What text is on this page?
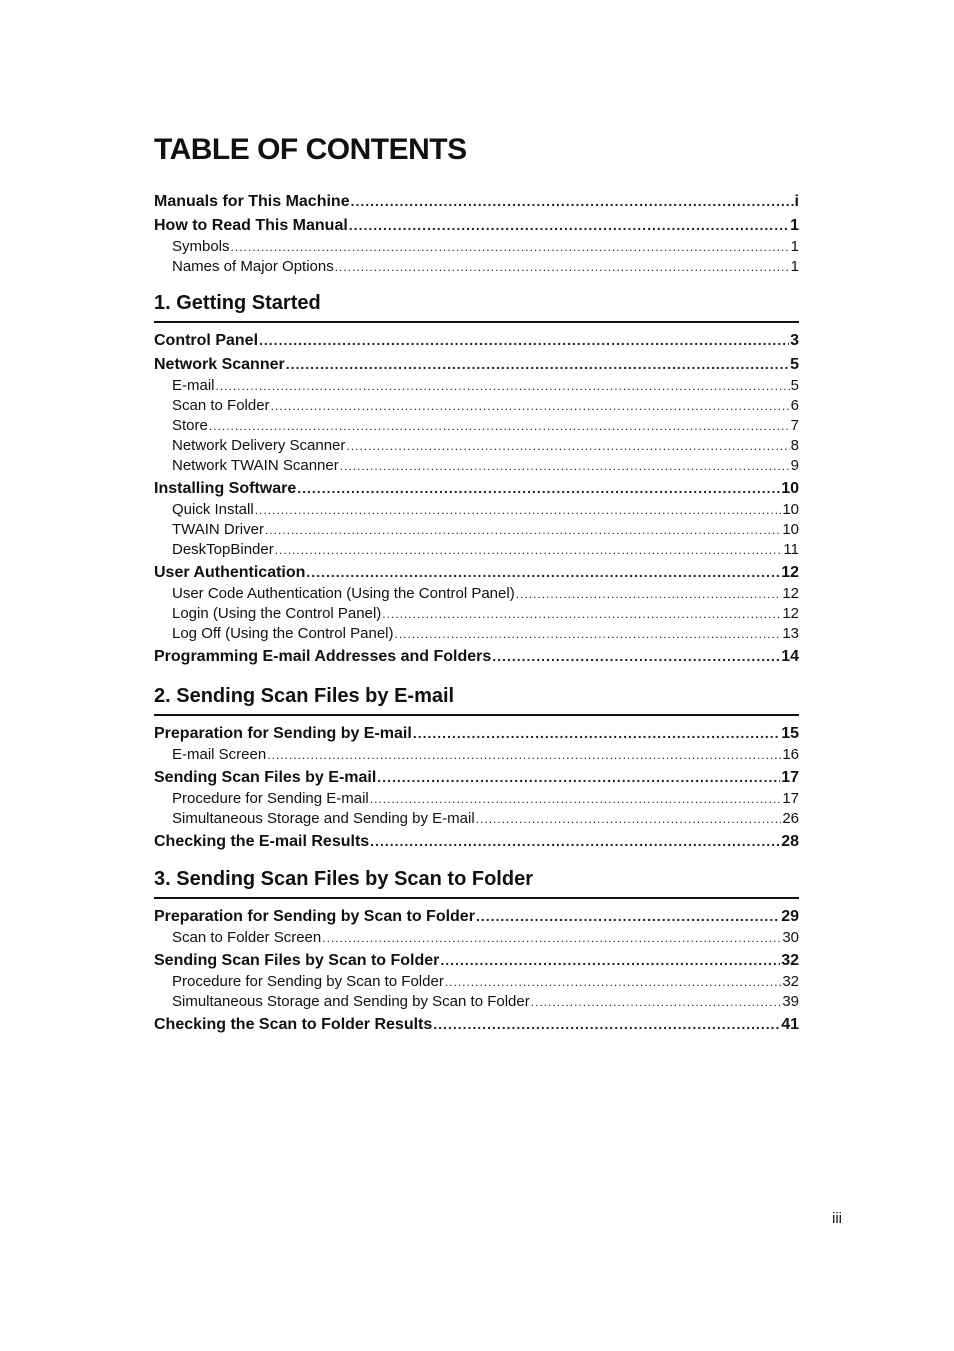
TABLE OF CONTENTS
Manuals for This Machine .....	i
How to Read This Manual .....	1
Symbols .....	1
Names of Major Options .....	1
1. Getting Started
Control Panel .....	3
Network Scanner .....	5
E-mail .....	5
Scan to Folder .....	6
Store .....	7
Network Delivery Scanner .....	8
Network TWAIN Scanner .....	9
Installing Software .....	10
Quick Install .....	10
TWAIN Driver .....	10
DeskTopBinder .....	11
User Authentication .....	12
User Code Authentication (Using the Control Panel) .....	12
Login (Using the Control Panel) .....	12
Log Off (Using the Control Panel) .....	13
Programming E-mail Addresses and Folders .....	14
2. Sending Scan Files by E-mail
Preparation for Sending by E-mail .....	15
E-mail Screen .....	16
Sending Scan Files by E-mail .....	17
Procedure for Sending E-mail .....	17
Simultaneous Storage and Sending by E-mail .....	26
Checking the E-mail Results .....	28
3. Sending Scan Files by Scan to Folder
Preparation for Sending by Scan to Folder .....	29
Scan to Folder Screen .....	30
Sending Scan Files by Scan to Folder .....	32
Procedure for Sending by Scan to Folder .....	32
Simultaneous Storage and Sending by Scan to Folder .....	39
Checking the Scan to Folder Results .....	41
iii
